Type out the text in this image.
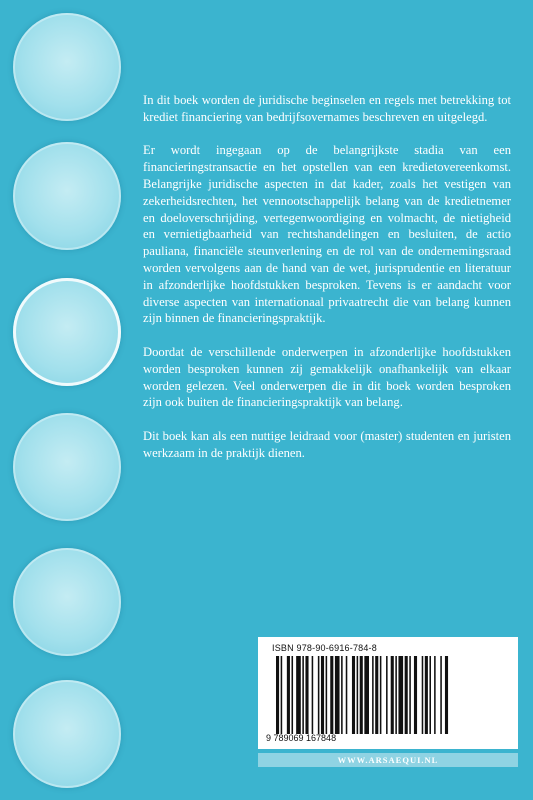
In dit boek worden de juridische beginselen en regels met betrekking tot krediet financiering van bedrijfsovernames beschreven en uitgelegd.

Er wordt ingegaan op de belangrijkste stadia van een financieringstransactie en het opstellen van een kredietovereenkomst. Belangrijke juridische aspecten in dat kader, zoals het vestigen van zekerheidsrechten, het vennootschappelijk belang van de kredietnemer en doeloverschrijding, vertegenwoordiging en volmacht, de nietigheid en vernietigbaarheid van rechtshandelingen en besluiten, de actio pauliana, financiële steunverlening en de rol van de ondernemingsraad worden vervolgens aan de hand van de wet, jurisprudentie en literatuur in afzonderlijke hoofdstukken besproken. Tevens is er aandacht voor diverse aspecten van internationaal privaatrecht die van belang kunnen zijn binnen de financieringspraktijk.

Doordat de verschillende onderwerpen in afzonderlijke hoofdstukken worden besproken kunnen zij gemakkelijk onafhankelijk van elkaar worden gelezen. Veel onderwerpen die in dit boek worden besproken zijn ook buiten de financieringspraktijk van belang.

Dit boek kan als een nuttige leidraad voor (master) studenten en juristen werkzaam in de praktijk dienen.

ISBN 978-90-6916-784-8
9 789069 167848
WWW.ARSAEQUI.NL
